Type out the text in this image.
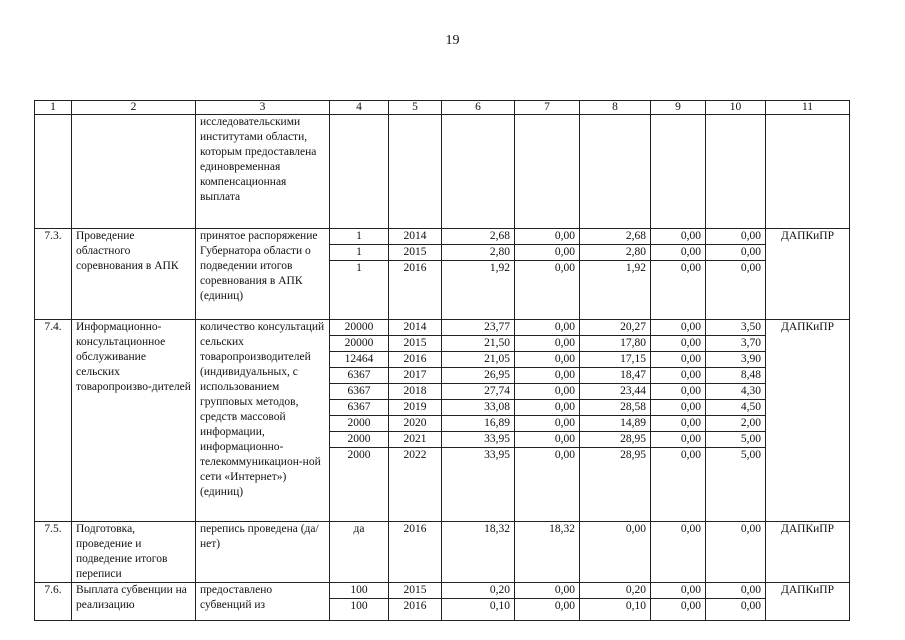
19
1	2	3	4	5	6	7	8	9	10	11
		исследовательскими институтами области, которым предоставлена единовременная компенсационная выплата								
7.3.	Проведение областного соревнования в АПК	принятое распоряжение Губернатора области о подведении итогов соревнования в АПК (единиц)	1	2014	2,68	0,00	2,68	0,00	0,00	ДАПКиПР
			1	2015	2,80	0,00	2,80	0,00	0,00	
			1	2016	1,92	0,00	1,92	0,00	0,00	
7.4.	Информационно-консультационное обслуживание сельских товаропроизво-дителей	количество консультаций сельских товаропроизводителей (индивидуальных, с использованием групповых методов, средств массовой информации, информационно-телекоммуникацион-ной сети «Интернет») (единиц)	20000	2014	23,77	0,00	20,27	0,00	3,50	ДАПКиПР
			20000	2015	21,50	0,00	17,80	0,00	3,70	
			12464	2016	21,05	0,00	17,15	0,00	3,90	
			6367	2017	26,95	0,00	18,47	0,00	8,48	
			6367	2018	27,74	0,00	23,44	0,00	4,30	
			6367	2019	33,08	0,00	28,58	0,00	4,50	
			2000	2020	16,89	0,00	14,89	0,00	2,00	
			2000	2021	33,95	0,00	28,95	0,00	5,00	
			2000	2022	33,95	0,00	28,95	0,00	5,00	
7.5.	Подготовка, проведение и подведение итогов переписи	перепись проведена (да/нет)	да	2016	18,32	18,32	0,00	0,00	0,00	ДАПКиПР
7.6.	Выплата субвенции на реализацию	предоставлено субвенций из	100	2015	0,20	0,00	0,20	0,00	0,00	ДАПКиПР
			100	2016	0,10	0,00	0,10	0,00	0,00	
